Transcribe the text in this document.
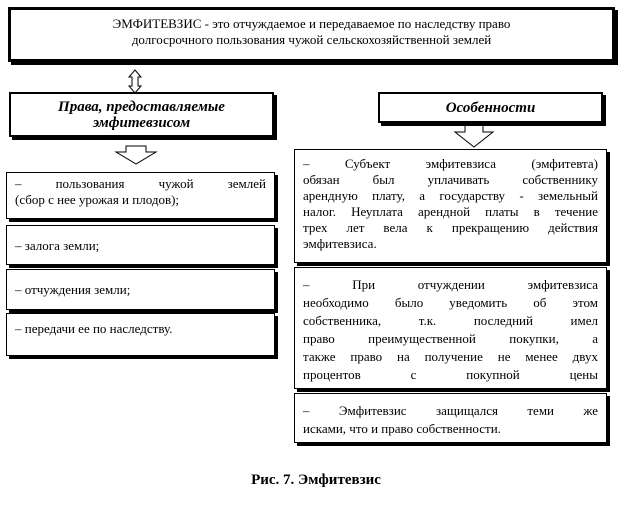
ЭМФИТЕВЗИС - это отчуждаемое и передаваемое по наследству право
долгосрочного пользования чужой сельскохозяйственной землей
Права, предоставляемые
эмфитевзисом
Особенности
– пользования чужой землей
(сбор с нее урожая и плодов);
– залога земли;
– отчуждения земли;
– передачи ее по наследству.
– Субъект эмфитевзиса (эмфитевта)
обязан был уплачивать собственнику
арендную плату, а государству - земельный
налог. Неуплата арендной платы в течение
трех лет вела к прекращению действия
эмфитевзиса.
– При отчуждении эмфитевзиса
необходимо было уведомить об этом
собственника, т.к. последний имел
право преимущественной покупки, а
также право на получение не менее двух
процентов с покупной цены
– Эмфитевзис защищался теми же
исками, что и право собственности.
Рис. 7. Эмфитевзис
